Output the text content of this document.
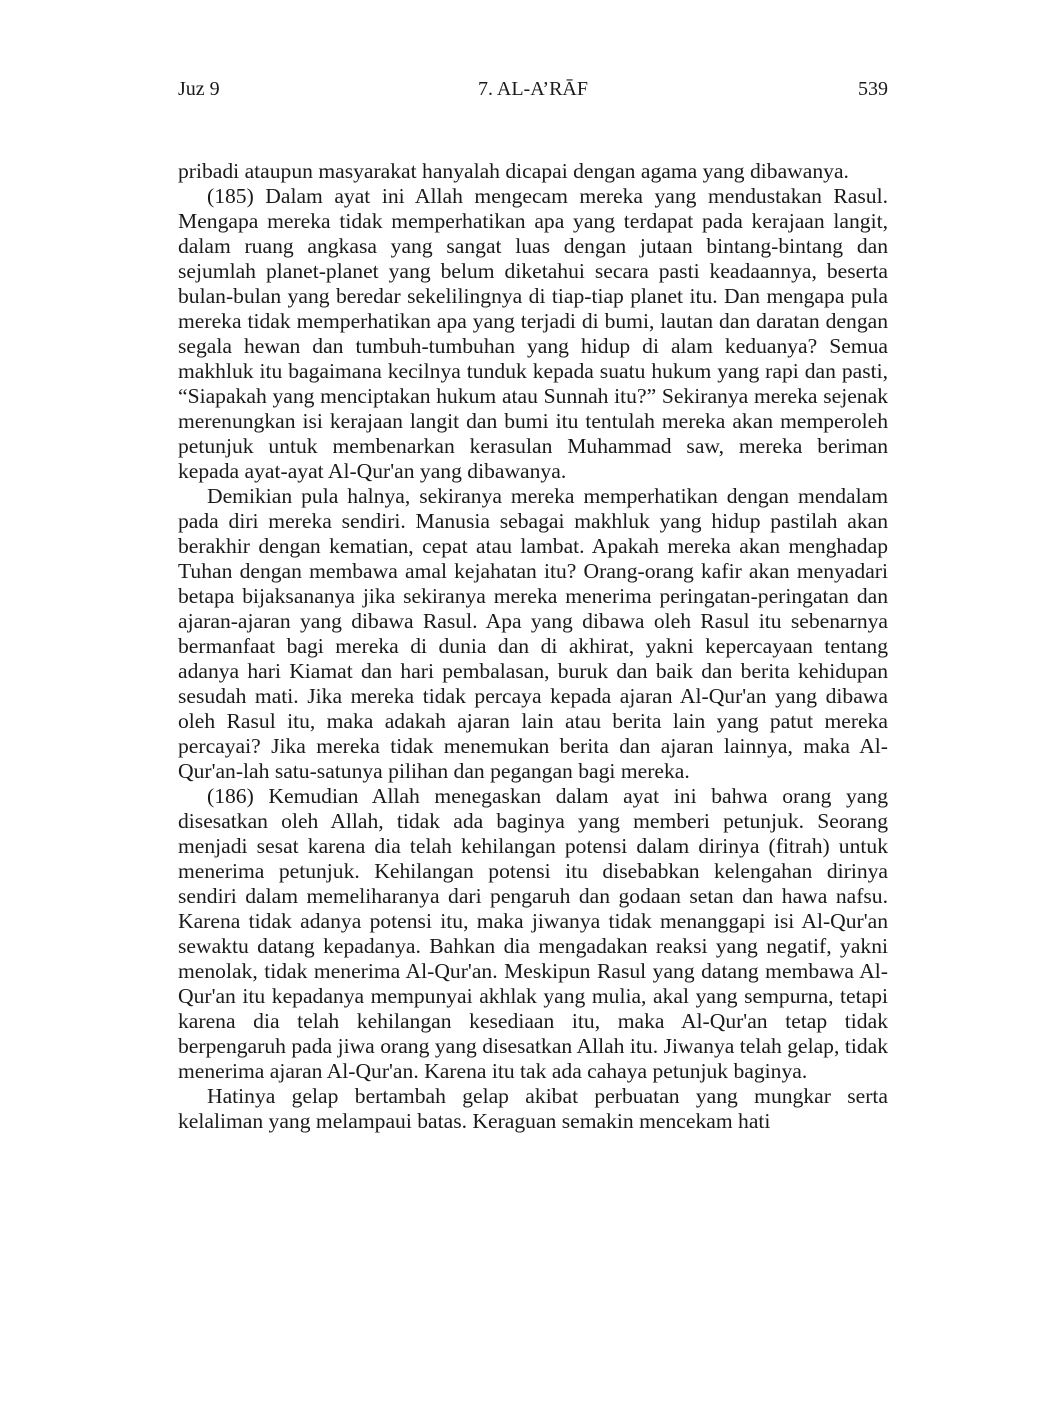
Juz 9	7. AL-A’RĀF	539

pribadi ataupun masyarakat hanyalah dicapai dengan agama yang dibawanya.

(185) Dalam ayat ini Allah mengecam mereka yang mendustakan Rasul. Mengapa mereka tidak memperhatikan apa yang terdapat pada kerajaan langit, dalam ruang angkasa yang sangat luas dengan jutaan bintang-bintang dan sejumlah planet-planet yang belum diketahui secara pasti keadaannya, beserta bulan-bulan yang beredar sekelilingnya di tiap-tiap planet itu. Dan mengapa pula mereka tidak memperhatikan apa yang terjadi di bumi, lautan dan daratan dengan segala hewan dan tumbuh-tumbuhan yang hidup di alam keduanya? Semua makhluk itu bagaimana kecilnya tunduk kepada suatu hukum yang rapi dan pasti, “Siapakah yang menciptakan hukum atau Sunnah itu?” Sekiranya mereka sejenak merenungkan isi kerajaan langit dan bumi itu tentulah mereka akan memperoleh petunjuk untuk membenarkan kerasulan Muhammad saw, mereka beriman kepada ayat-ayat Al-Qur'an yang dibawanya.

Demikian pula halnya, sekiranya mereka memperhatikan dengan mendalam pada diri mereka sendiri. Manusia sebagai makhluk yang hidup pastilah akan berakhir dengan kematian, cepat atau lambat. Apakah mereka akan menghadap Tuhan dengan membawa amal kejahatan itu? Orang-orang kafir akan menyadari betapa bijaksananya jika sekiranya mereka menerima peringatan-peringatan dan ajaran-ajaran yang dibawa Rasul. Apa yang dibawa oleh Rasul itu sebenarnya bermanfaat bagi mereka di dunia dan di akhirat, yakni kepercayaan tentang adanya hari Kiamat dan hari pembalasan, buruk dan baik dan berita kehidupan sesudah mati. Jika mereka tidak percaya kepada ajaran Al-Qur'an yang dibawa oleh Rasul itu, maka adakah ajaran lain atau berita lain yang patut mereka percayai? Jika mereka tidak menemukan berita dan ajaran lainnya, maka Al-Qur'an-lah satu-satunya pilihan dan pegangan bagi mereka.

(186) Kemudian Allah menegaskan dalam ayat ini bahwa orang yang disesatkan oleh Allah, tidak ada baginya yang memberi petunjuk. Seorang menjadi sesat karena dia telah kehilangan potensi dalam dirinya (fitrah) untuk menerima petunjuk. Kehilangan potensi itu disebabkan kelengahan dirinya sendiri dalam memeliharanya dari pengaruh dan godaan setan dan hawa nafsu. Karena tidak adanya potensi itu, maka jiwanya tidak menanggapi isi Al-Qur'an sewaktu datang kepadanya. Bahkan dia mengadakan reaksi yang negatif, yakni menolak, tidak menerima Al-Qur'an. Meskipun Rasul yang datang membawa Al-Qur'an itu kepadanya mempunyai akhlak yang mulia, akal yang sempurna, tetapi karena dia telah kehilangan kesediaan itu, maka Al-Qur'an tetap tidak berpengaruh pada jiwa orang yang disesatkan Allah itu. Jiwanya telah gelap, tidak menerima ajaran Al-Qur'an. Karena itu tak ada cahaya petunjuk baginya.

Hatinya gelap bertambah gelap akibat perbuatan yang mungkar serta kelaliman yang melampaui batas. Keraguan semakin mencekam hati
